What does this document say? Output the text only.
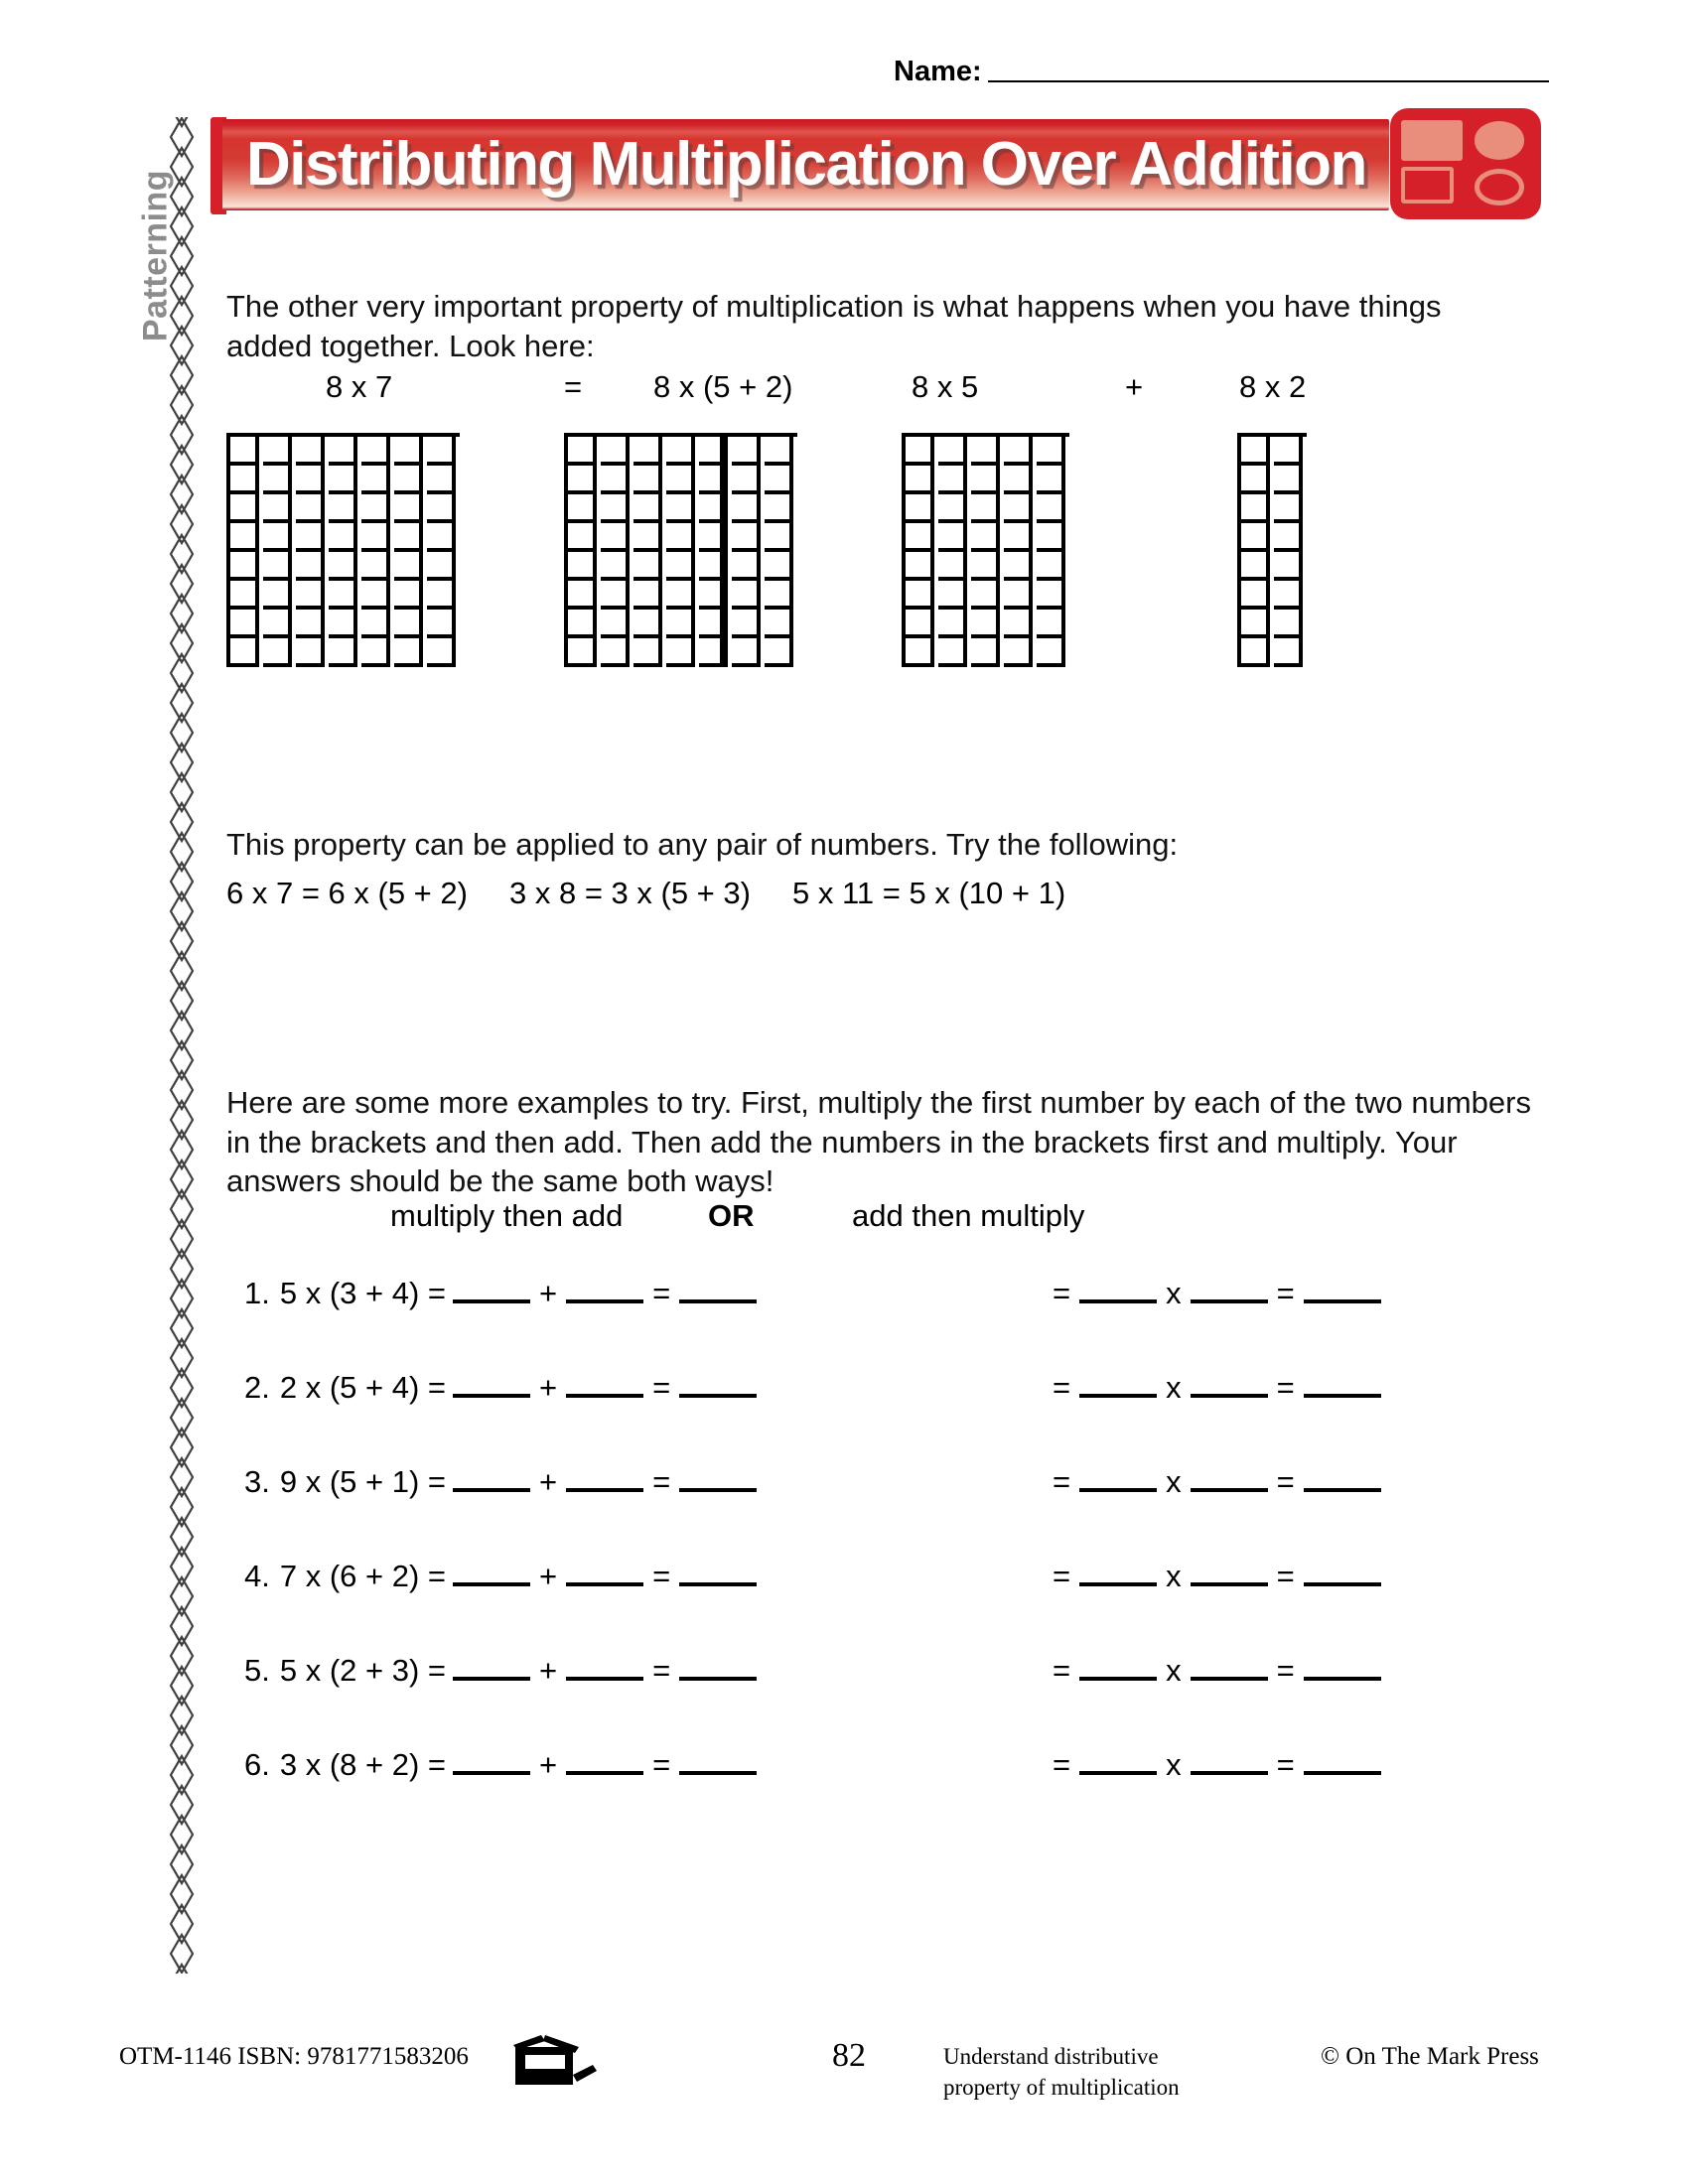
Name:
Patterning
Distributing Multiplication Over Addition

The other very important property of multiplication is what happens when you have things added together. Look here:

8 x 7	= 8 x (5 + 2)	+
8 x 5	8 x 2

This property can be applied to any pair of numbers. Try the following:

6 x 7 = 6 x (5 + 2) 3 x 8 = 3 x (5 + 3) 5 x 11 = 5 x (10 + 1)

Here are some more examples to try. First, multiply the first number by each of the two numbers in the brackets and then add. Then add the numbers in the brackets first and multiply. Your answers should be the same both ways!

multiply then add	OR	add then multiply
1. 5 x (3 + 4) =	+	=	=	x	=
2. 2 x (5 + 4) =	+	=	=	x	=
3. 9 x (5 + 1) =	+	=	=	x	=
4. 7 x (6 + 2) =	+	=	=	x	=
5. 5 x (2 + 3) =	+	=	=	x	=
6. 3 x (8 + 2) =	+	=	=	x	=
OTM-1146 ISBN: 9781771583206	82	Understand distributive property of multiplication
© On The Mark Press
